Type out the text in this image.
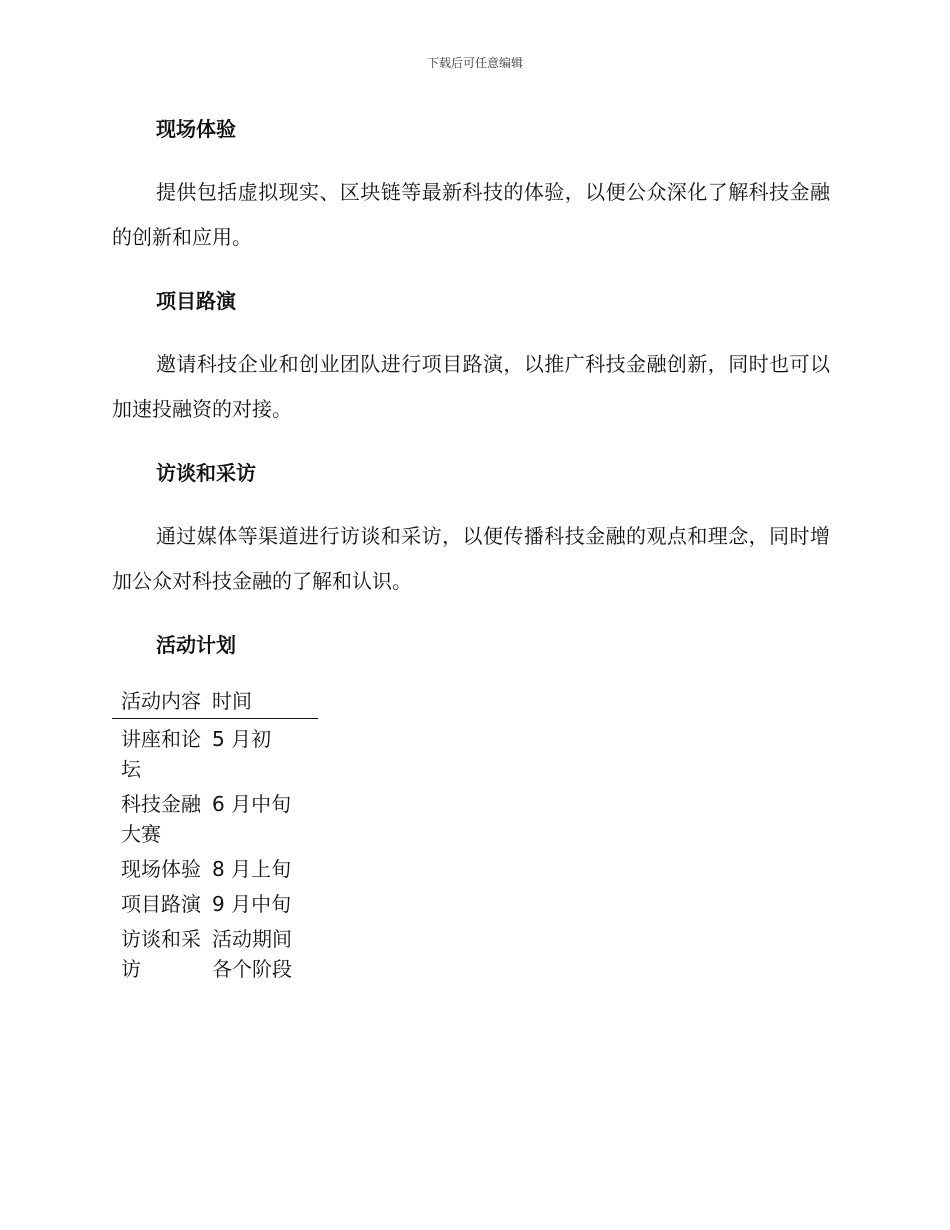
下载后可任意编辑

现场体验

提供包括虚拟现实、区块链等最新科技的体验，以便公众深化了解科技金融的创新和应用。

项目路演

邀请科技企业和创业团队进行项目路演，以推广科技金融创新，同时也可以加速投融资的对接。

访谈和采访

通过媒体等渠道进行访谈和采访，以便传播科技金融的观点和理念，同时增加公众对科技金融的了解和认识。

活动计划

活动内容	时间
讲座和论坛	5 月初
科技金融大赛	6 月中旬
现场体验	8 月上旬
项目路演	9 月中旬
访谈和采访	活动期间各个阶段
